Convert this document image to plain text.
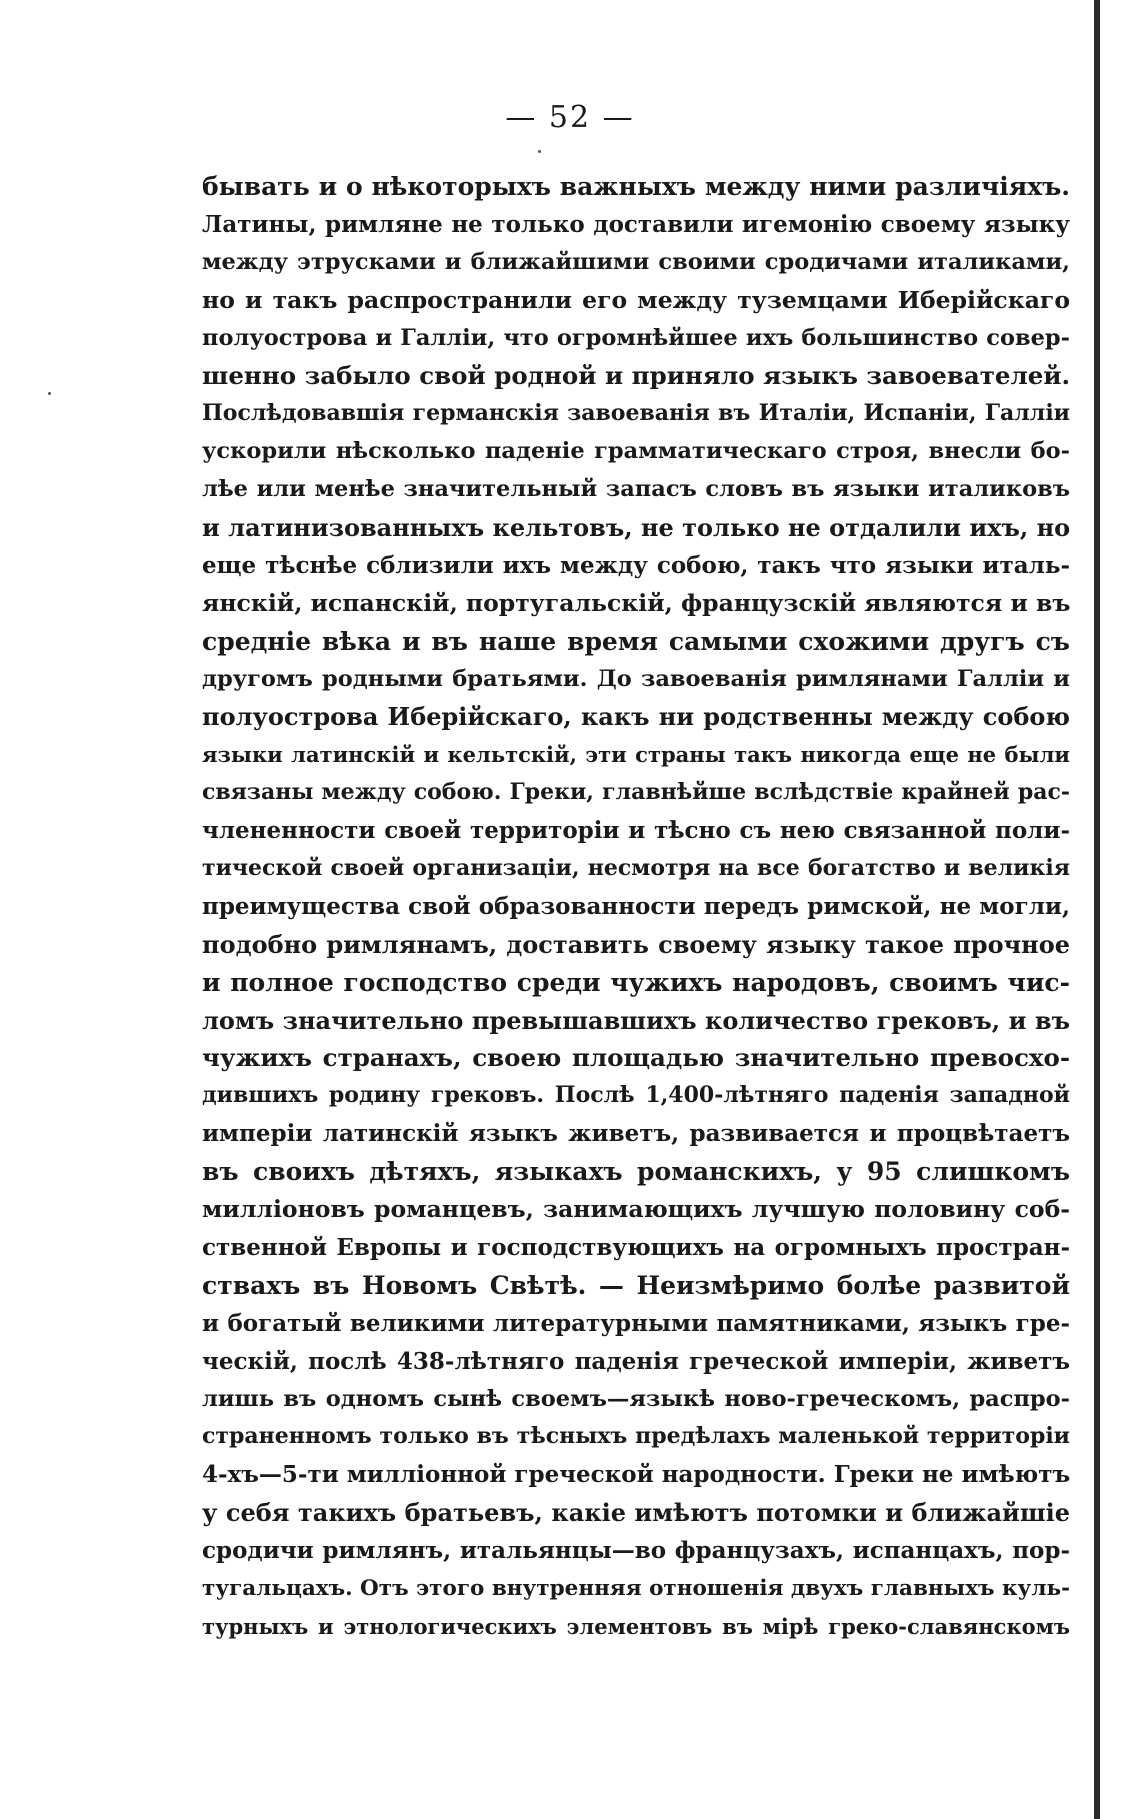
— 52 —
бывать и о нѣкоторыхъ важныхъ между ними различіяхъ.
Латины, римляне не только доставили игемонію своему языку
между этрусками и ближайшими своими сродичами италиками,
но и такъ распространили его между туземцами Иберійскаго
полуострова и Галліи, что огромнѣйшее ихъ большинство совер-
шенно забыло свой родной и приняло языкъ завоевателей.
Послѣдовавшія германскія завоеванія въ Италіи, Испаніи, Галліи
ускорили нѣсколько паденіе грамматическаго строя, внесли бо-
лѣе или менѣе значительный запасъ словъ въ языки италиковъ
и латинизованныхъ кельтовъ, не только не отдалили ихъ, но
еще тѣснѣе сблизили ихъ между собою, такъ что языки италь-
янскій, испанскій, португальскій, французскій являются и въ
средніе вѣка и въ наше время самыми схожими другъ съ
другомъ родными братьями. До завоеванія римлянами Галліи и
полуострова Иберійскаго, какъ ни родственны между собою
языки латинскій и кельтскій, эти страны такъ никогда еще не были
связаны между собою. Греки, главнѣйше вслѣдствіе крайней рас-
члененности своей территоріи и тѣсно съ нею связанной поли-
тической своей организаціи, несмотря на все богатство и великія
преимущества свой образованности передъ римской, не могли,
подобно римлянамъ, доставить своему языку такое прочное
и полное господство среди чужихъ народовъ, своимъ чис-
ломъ значительно превышавшихъ количество грековъ, и въ
чужихъ странахъ, своею площадью значительно превосхо-
дившихъ родину грековъ. Послѣ 1,400-лѣтняго паденія западной
имперіи латинскій языкъ живетъ, развивается и процвѣтаетъ
въ своихъ дѣтяхъ, языкахъ романскихъ, у 95 слишкомъ
милліоновъ романцевъ, занимающихъ лучшую половину соб-
ственной Европы и господствующихъ на огромныхъ простран-
ствахъ въ Новомъ Свѣтѣ. — Неизмѣримо болѣе развитой
и богатый великими литературными памятниками, языкъ гре-
ческій, послѣ 438-лѣтняго паденія греческой имперіи, живетъ
лишь въ одномъ сынѣ своемъ—языкѣ ново-греческомъ, распро-
страненномъ только въ тѣсныхъ предѣлахъ маленькой территоріи
4-хъ—5-ти милліонной греческой народности. Греки не имѣютъ
у себя такихъ братьевъ, какіе имѣютъ потомки и ближайшіе
сродичи римлянъ, итальянцы—во французахъ, испанцахъ, пор-
тугальцахъ. Отъ этого внутренняя отношенія двухъ главныхъ куль-
турныхъ и этнологическихъ элементовъ въ мірѣ греко-славянскомъ
